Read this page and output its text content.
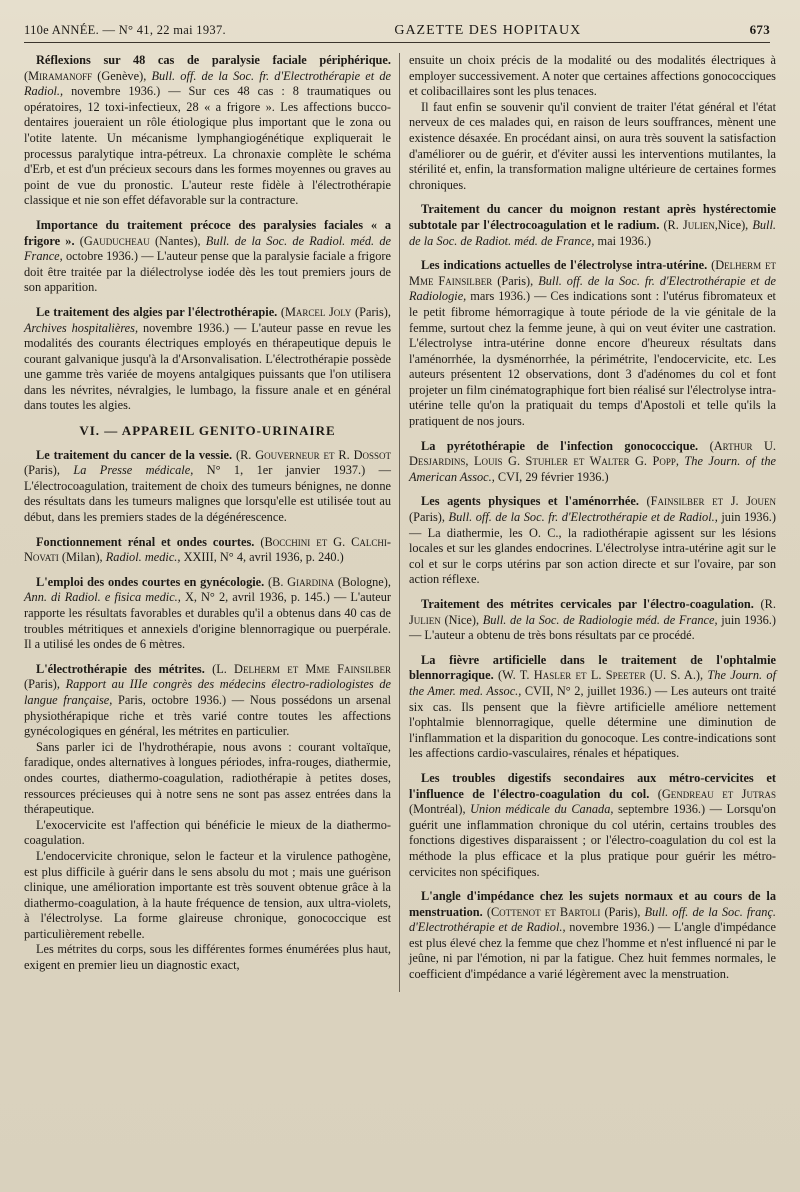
110e ANNÉE. — N° 41, 22 mai 1937.	GAZETTE DES HOPITAUX	673

Réflexions sur 48 cas de paralysie faciale périphérique. (Miramanoff (Genève), Bull. off. de la Soc. fr. d'Electrothérapie et de Radiol., novembre 1936.) — Sur ces 48 cas : 8 traumatiques ou opératoires, 12 toxi-infectieux, 28 « a frigore ». Les affections bucco-dentaires joueraient un rôle étiologique plus important que le zona ou l'otite latente. Un mécanisme lymphangiogénétique expliquerait le processus paralytique intra-pétreux. La chronaxie complète le schéma d'Erb, et est d'un précieux secours dans les formes moyennes ou graves au point de vue du pronostic. L'auteur reste fidèle à l'électrothérapie classique et nie son effet défavorable sur la contracture.

Importance du traitement précoce des paralysies faciales « a frigore ». (Gauducheau (Nantes), Bull. de la Soc. de Radiol. méd. de France, octobre 1936.) — L'auteur pense que la paralysie faciale a frigore doit être traitée par la diélectrolyse iodée dès les tout premiers jours de son apparition.

Le traitement des algies par l'électrothérapie. (Marcel Joly (Paris), Archives hospitalières, novembre 1936.) — L'auteur passe en revue les modalités des courants électriques employés en thérapeutique depuis le courant galvanique jusqu'à la d'Arsonvalisation. L'électrothérapie possède une gamme très variée de moyens antalgiques puissants que l'on utilisera dans les névrites, névralgies, le lumbago, la fissure anale et en général dans toutes les algies.

VI. — APPAREIL GENITO-URINAIRE

Le traitement du cancer de la vessie. (R. Gouverneur et R. Dossot (Paris), La Presse médicale, N° 1, 1er janvier 1937.) — L'électrocoagulation, traitement de choix des tumeurs bénignes, ne donne des résultats dans les tumeurs malignes que lorsqu'elle est utilisée tout au début, dans les premiers stades de la dégénérescence.

Fonctionnement rénal et ondes courtes. (Bocchini et G. Calchi-Novati (Milan), Radiol. medic., XXIII, N° 4, avril 1936, p. 240.)

L'emploi des ondes courtes en gynécologie. (B. Giardina (Bologne), Ann. di Radiol. e fisica medic., X, N° 2, avril 1936, p. 145.) — L'auteur rapporte les résultats favorables et durables qu'il a obtenus dans 40 cas de troubles métritiques et annexiels d'origine blennorragique ou puerpérale. Il a utilisé les ondes de 6 mètres.

L'électrothérapie des métrites. (L. Delherm et Mme Fainsilber (Paris), Rapport au IIIe congrès des médecins électro-radiologistes de langue française, Paris, octobre 1936.) — Nous possédons un arsenal physiothérapique riche et très varié contre toutes les affections gynécologiques en général, les métrites en particulier.

Sans parler ici de l'hydrothérapie, nous avons : courant voltaïque, faradique, ondes alternatives à longues périodes, infra-rouges, diathermie, ondes courtes, diathermo-coagulation, radiothérapie à petites doses, ressources précieuses qui à notre sens ne sont pas assez entrées dans la thérapeutique.

L'exocervicite est l'affection qui bénéficie le mieux de la diathermo-coagulation.

L'endocervicite chronique, selon le facteur et la virulence pathogène, est plus difficile à guérir dans le sens absolu du mot ; mais une guérison clinique, une amélioration importante est très souvent obtenue grâce à la diathermo-coagulation, à la haute fréquence de tension, aux ultra-violets, à l'électrolyse. La forme glaireuse chronique, gonococcique est particulièrement rebelle.

Les métrites du corps, sous les différentes formes énumérées plus haut, exigent en premier lieu un diagnostic exact,

ensuite un choix précis de la modalité ou des modalités électriques à employer successivement. A noter que certaines affections gonococciques et colibacillaires sont les plus tenaces.

Il faut enfin se souvenir qu'il convient de traiter l'état général et l'état nerveux de ces malades qui, en raison de leurs souffrances, mènent une existence désaxée. En procédant ainsi, on aura très souvent la satisfaction d'améliorer ou de guérir, et d'éviter aussi les interventions mutilantes, la stérilité et, enfin, la transformation maligne ultérieure de certaines formes chroniques.

Traitement du cancer du moignon restant après hystérectomie subtotale par l'électrocoagulation et le radium. (R. Julien,Nice), Bull. de la Soc. de Radiot. méd. de France, mai 1936.)

Les indications actuelles de l'électrolyse intra-utérine. (Delherm et Mme Fainsilber (Paris), Bull. off. de la Soc. fr. d'Electrothérapie et de Radiologie, mars 1936.) — Ces indications sont : l'utérus fibromateux et le petit fibrome hémorragique à toute période de la vie génitale de la femme, surtout chez la femme jeune, à qui on veut éviter une castration. L'électrolyse intra-utérine donne encore d'heureux résultats dans l'aménorrhée, la dysménorrhée, la périmétrite, l'endocervicite, etc. Les auteurs présentent 12 observations, dont 3 d'adénomes du col et font projeter un film cinématographique fort bien réalisé sur l'électrolyse intra-utérine telle qu'on la pratiquait du temps d'Apostoli et telle qu'ils la pratiquent de nos jours.

La pyrétothérapie de l'infection gonococcique. (Arthur U. Desjardins, Louis G. Stuhler et Walter G. Popp, The Journ. of the American Assoc., CVI, 29 février 1936.)

Les agents physiques et l'aménorrhée. (Fainsilber et J. Jouen (Paris), Bull. off. de la Soc. fr. d'Electrothérapie et de Radiol., juin 1936.) — La diathermie, les O. C., la radiothérapie agissent sur les lésions locales et sur les glandes endocrines. L'électrolyse intra-utérine agit sur le col et sur le corps utérins par son action directe et sur l'ovaire, par son action réflexe.

Traitement des métrites cervicales par l'électro-coagulation. (R. Julien (Nice), Bull. de la Soc. de Radiologie méd. de France, juin 1936.) — L'auteur a obtenu de très bons résultats par ce procédé.

La fièvre artificielle dans le traitement de l'ophtalmie blennorragique. (W. T. Hasler et L. Speeter (U. S. A.), The Journ. of the Amer. med. Assoc., CVII, N° 2, juillet 1936.) — Les auteurs ont traité six cas. Ils pensent que la fièvre artificielle améliore nettement l'ophtalmie blennorragique, quelle détermine une diminution de l'inflammation et la disparition du gonocoque. Les contre-indications sont les affections cardio-vasculaires, rénales et hépatiques.

Les troubles digestifs secondaires aux métro-cervicites et l'influence de l'électro-coagulation du col. (Gendreau et Jutras (Montréal), Union médicale du Canada, septembre 1936.) — Lorsqu'on guérit une inflammation chronique du col utérin, certains troubles des fonctions digestives disparaissent ; or l'électro-coagulation du col est la méthode la plus efficace et la plus pratique pour guérir les métro-cervicites non spécifiques.

L'angle d'impédance chez les sujets normaux et au cours de la menstruation. (Cottenot et Bartoli (Paris), Bull. off. de la Soc. franç. d'Electrothérapie et de Radiol., novembre 1936.) — L'angle d'impédance est plus élevé chez la femme que chez l'homme et n'est influencé ni par le jeûne, ni par l'émotion, ni par la fatigue. Chez huit femmes normales, le coefficient d'impédance a varié légèrement avec la menstruation.
